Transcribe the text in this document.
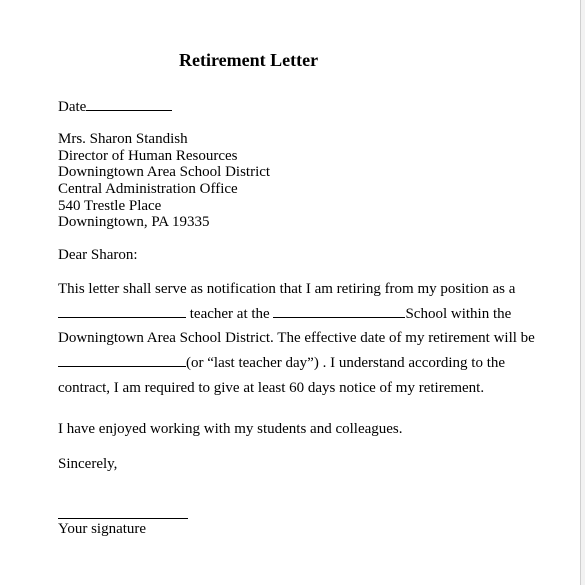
Retirement Letter
Date
Mrs. Sharon Standish
Director of Human Resources
Downingtown Area School District
Central Administration Office
540 Trestle Place
Downingtown, PA 19335
Dear Sharon:
This letter shall serve as notification that I am retiring from my position as a
teacher at the	School within the
Downingtown Area School District. The effective date of my retirement will be
(or “last teacher day”) . I understand according to the
contract, I am required to give at least 60 days notice of my retirement.
I have enjoyed working with my students and colleagues.
Sincerely,
Your signature
